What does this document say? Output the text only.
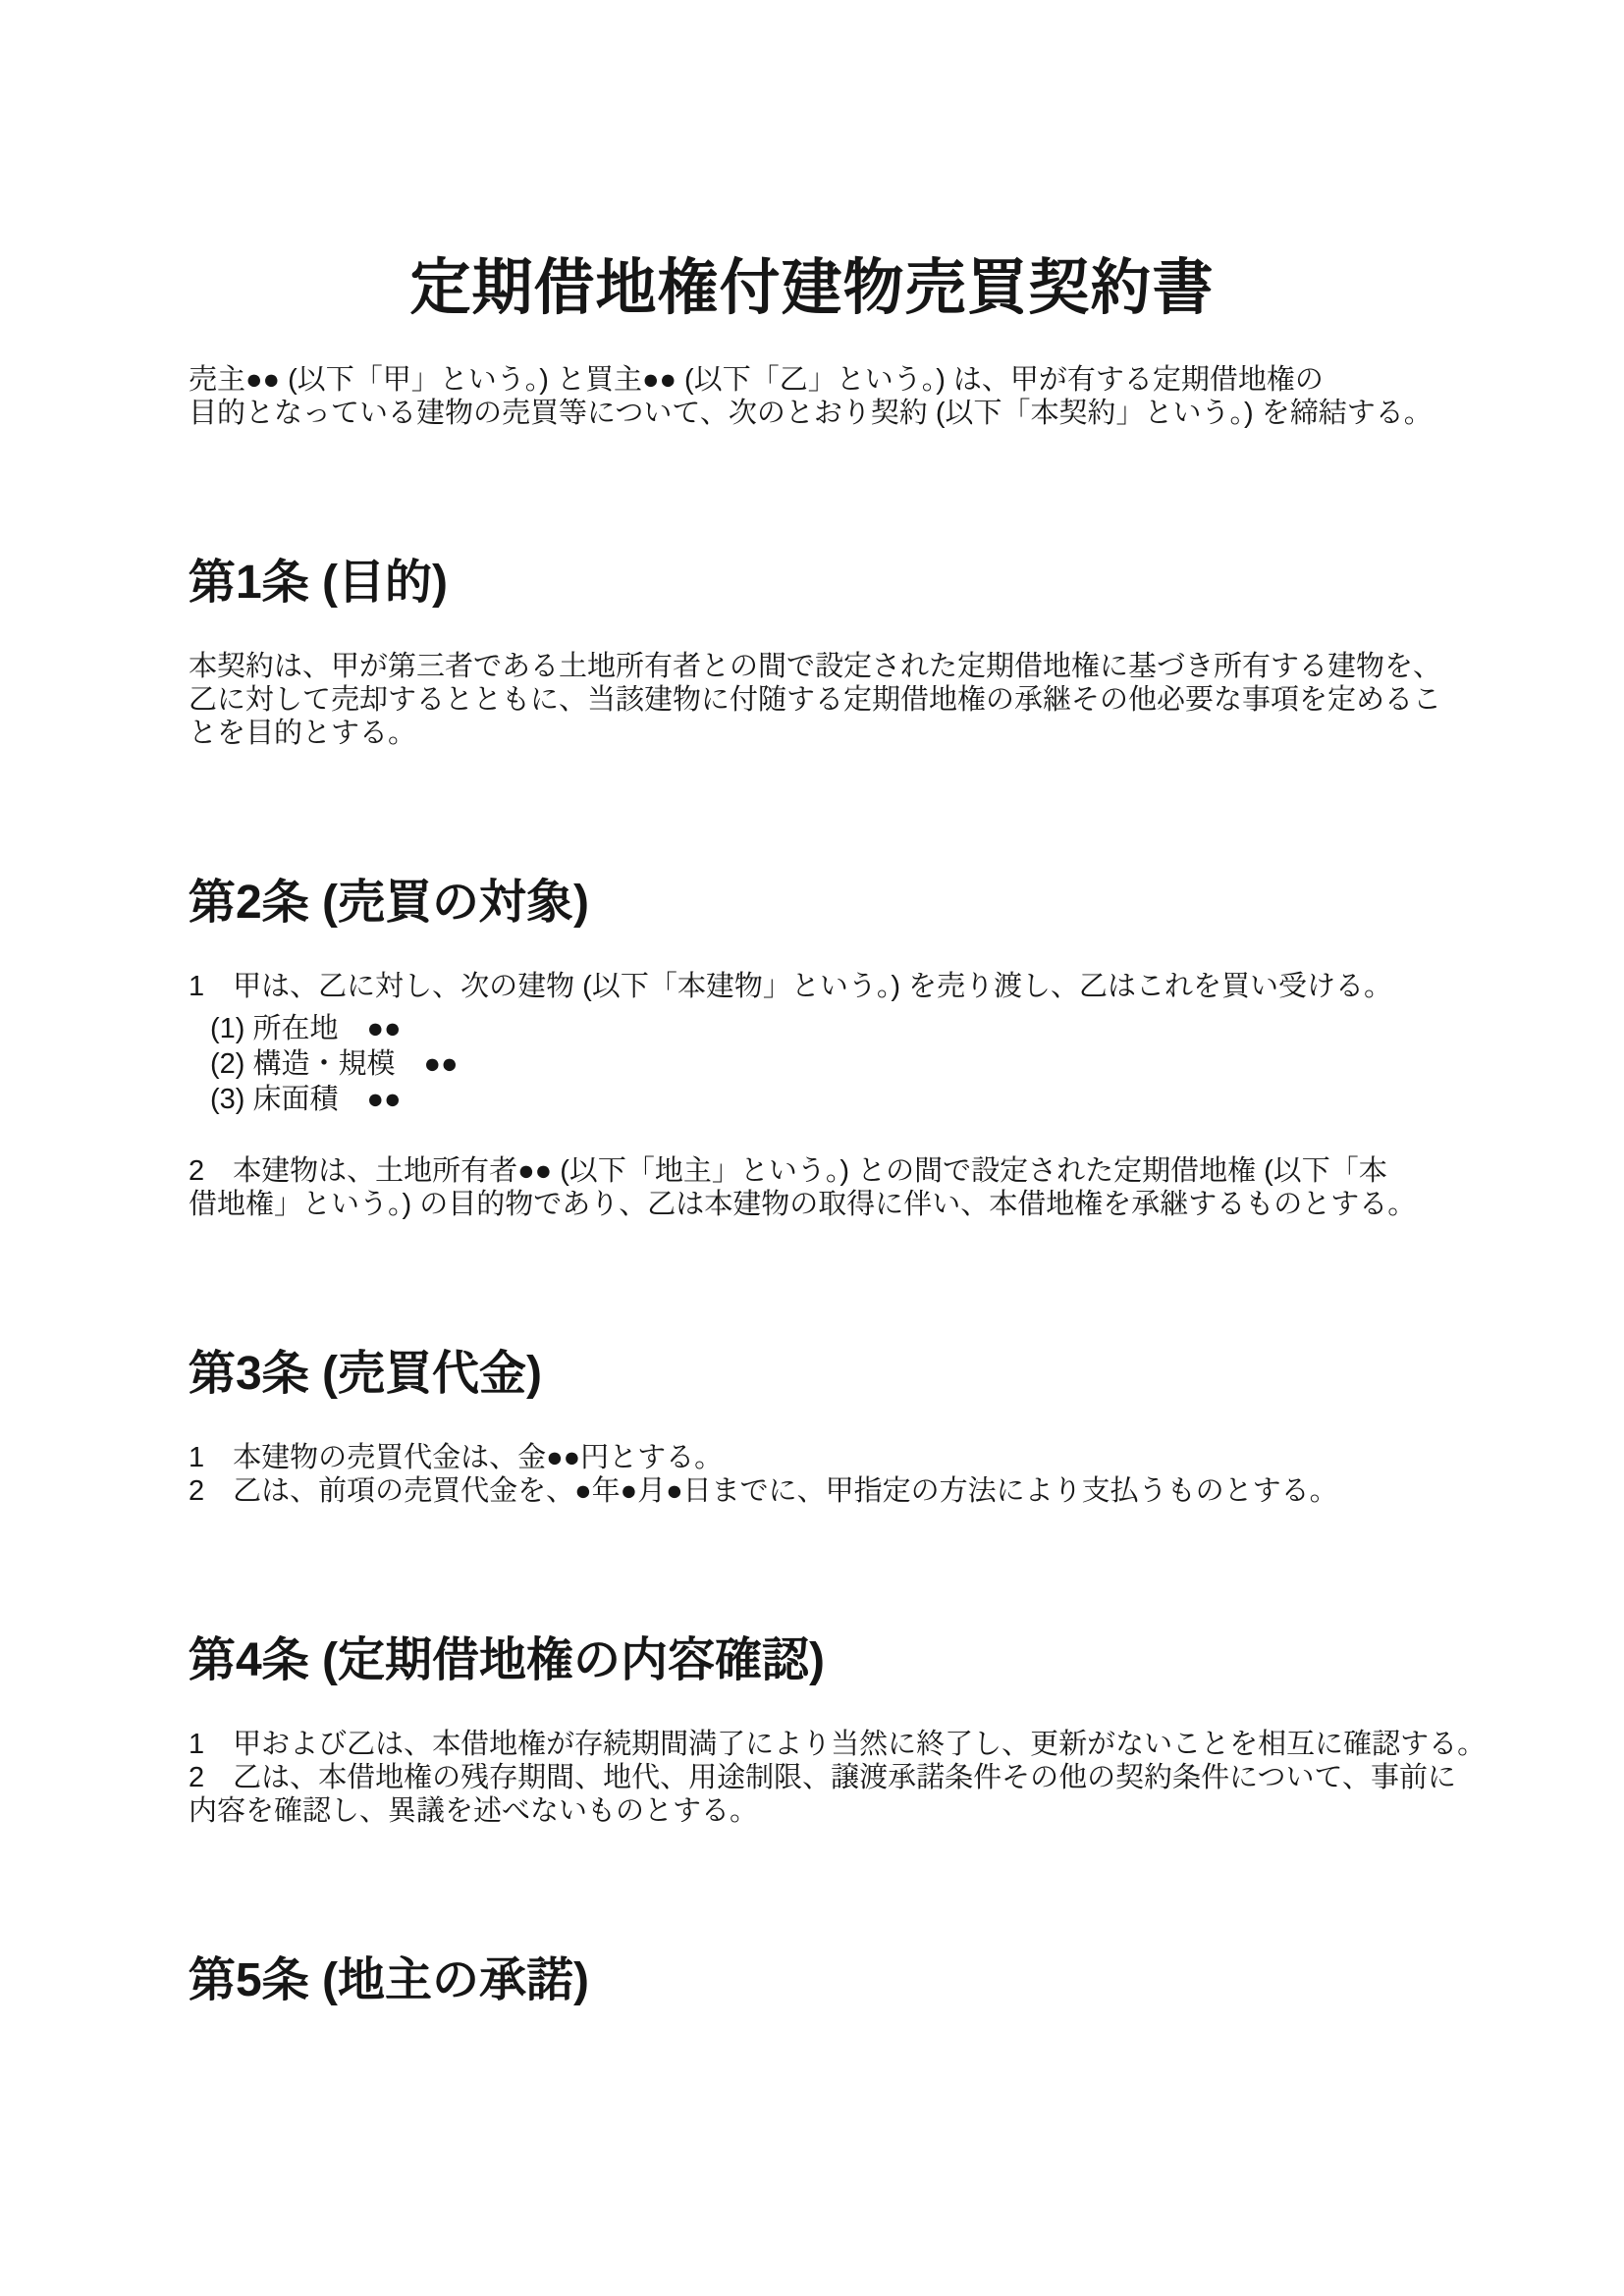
定期借地権付建物売買契約書
売主●● (以下「甲」という。) と買主●● (以下「乙」という。) は、甲が有する定期借地権の
目的となっている建物の売買等について、次のとおり契約 (以下「本契約」という。) を締結する。
第1条 (目的)
本契約は、甲が第三者である土地所有者との間で設定された定期借地権に基づき所有する建物を、
乙に対して売却するとともに、当該建物に付随する定期借地権の承継その他必要な事項を定めるこ
とを目的とする。
第2条 (売買の対象)
1　甲は、乙に対し、次の建物 (以下「本建物」という。) を売り渡し、乙はこれを買い受ける。
(1) 所在地　●●
(2) 構造・規模　●●
(3) 床面積　●●
2　本建物は、土地所有者●● (以下「地主」という。) との間で設定された定期借地権 (以下「本
借地権」という。) の目的物であり、乙は本建物の取得に伴い、本借地権を承継するものとする。
第3条 (売買代金)
1　本建物の売買代金は、金●●円とする。
2　乙は、前項の売買代金を、●年●月●日までに、甲指定の方法により支払うものとする。
第4条 (定期借地権の内容確認)
1　甲および乙は、本借地権が存続期間満了により当然に終了し、更新がないことを相互に確認する。
2　乙は、本借地権の残存期間、地代、用途制限、譲渡承諾条件その他の契約条件について、事前に
内容を確認し、異議を述べないものとする。
第5条 (地主の承諾)
